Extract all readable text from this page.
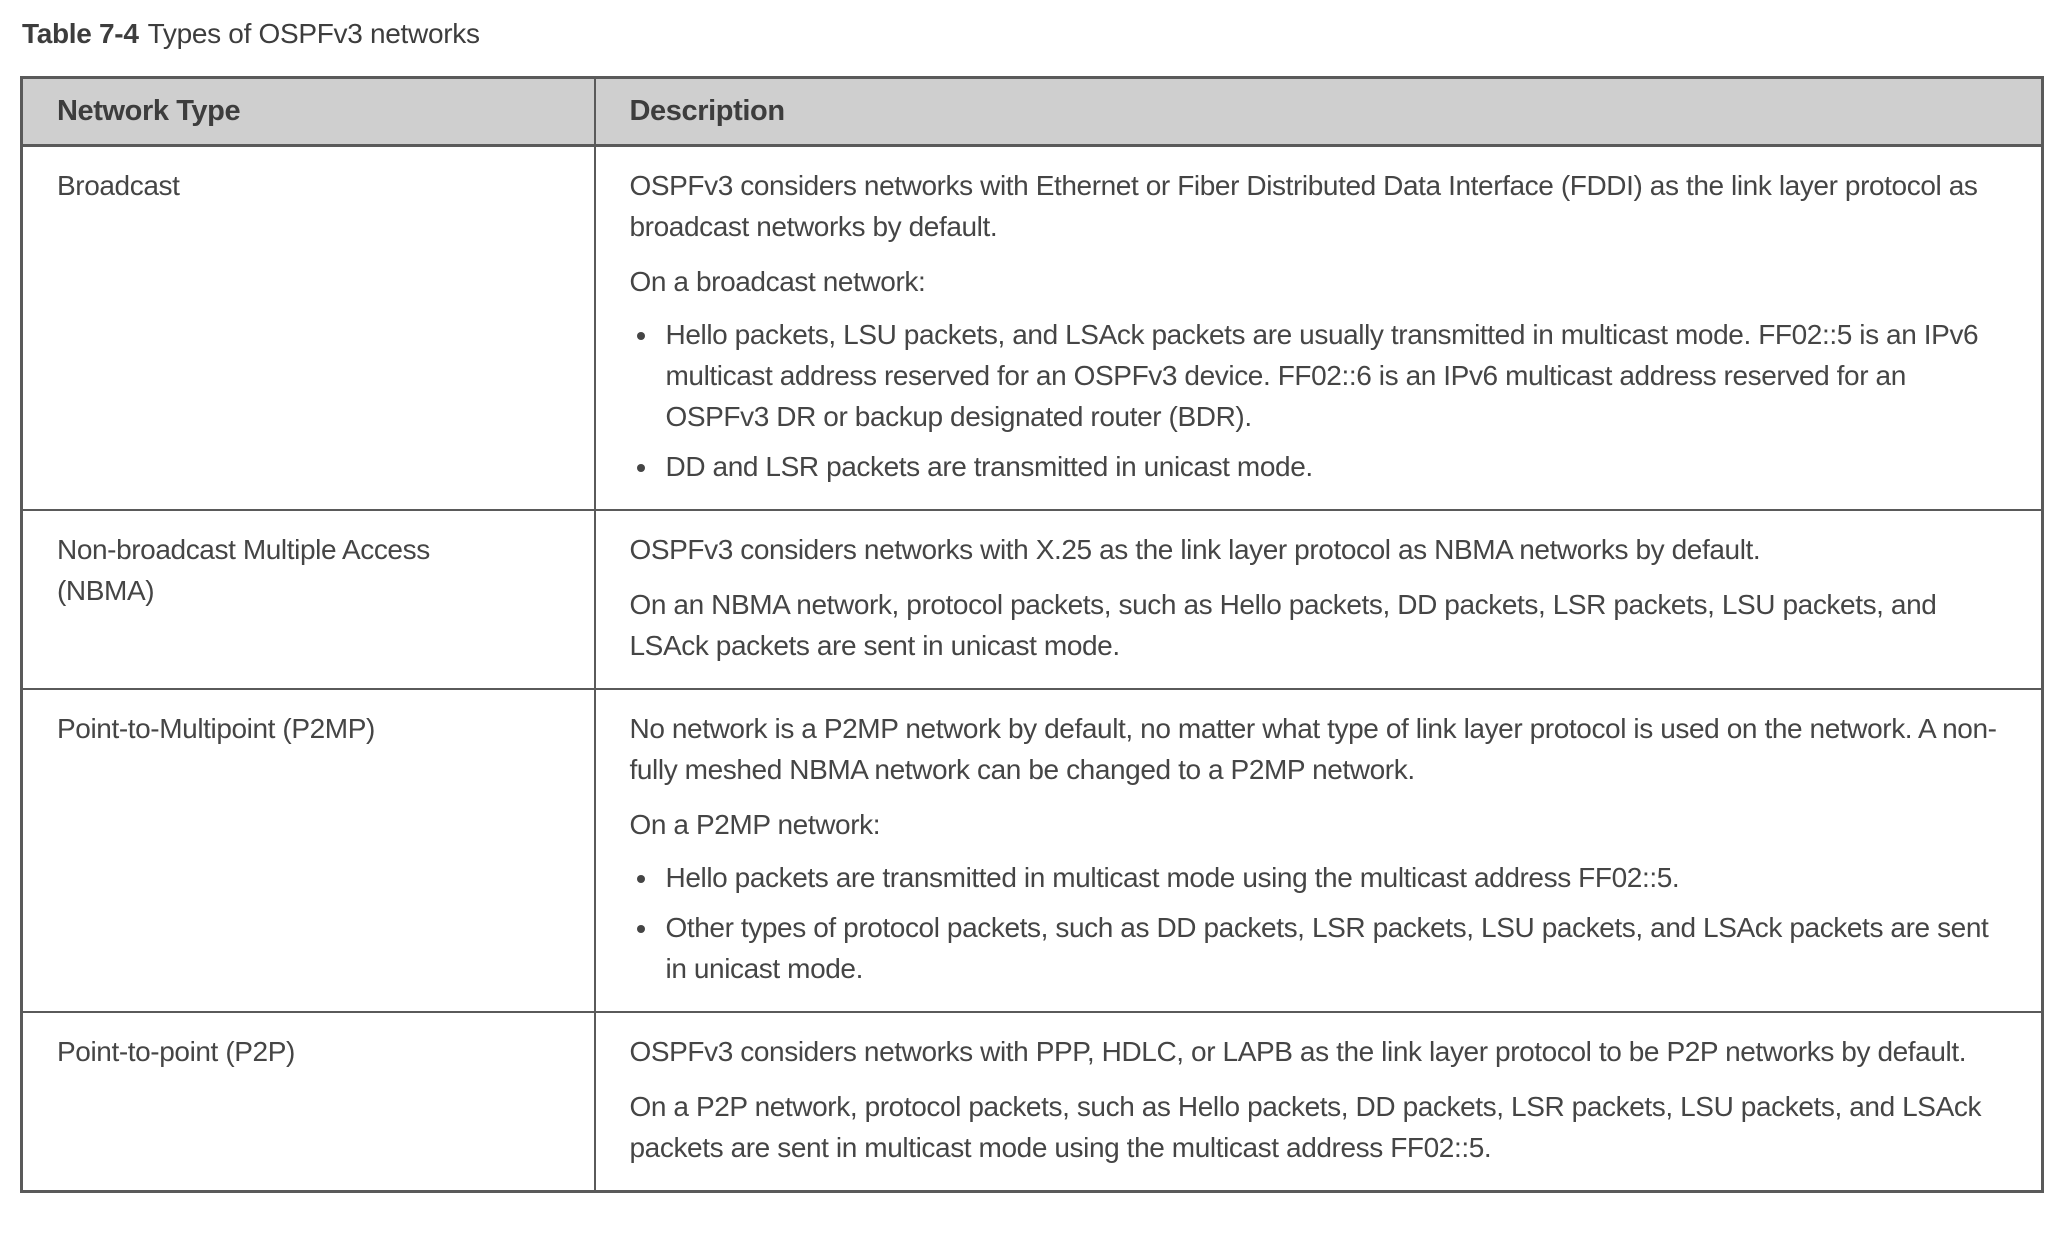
Table 7-4 Types of OSPFv3 networks
Network Type	Description
Broadcast	OSPFv3 considers networks with Ethernet or Fiber Distributed Data Interface (FDDI) as the link layer protocol as broadcast networks by default.

On a broadcast network:

• Hello packets, LSU packets, and LSAck packets are usually transmitted in multicast mode. FF02::5 is an IPv6 multicast address reserved for an OSPFv3 device. FF02::6 is an IPv6 multicast address reserved for an OSPFv3 DR or backup designated router (BDR).
• DD and LSR packets are transmitted in unicast mode.

Non-broadcast Multiple Access (NBMA)	OSPFv3 considers networks with X.25 as the link layer protocol as NBMA networks by default.

On an NBMA network, protocol packets, such as Hello packets, DD packets, LSR packets, LSU packets, and LSAck packets are sent in unicast mode.

Point-to-Multipoint (P2MP)	No network is a P2MP network by default, no matter what type of link layer protocol is used on the network. A non-fully meshed NBMA network can be changed to a P2MP network.

On a P2MP network:

• Hello packets are transmitted in multicast mode using the multicast address FF02::5.
• Other types of protocol packets, such as DD packets, LSR packets, LSU packets, and LSAck packets are sent in unicast mode.

Point-to-point (P2P)	OSPFv3 considers networks with PPP, HDLC, or LAPB as the link layer protocol to be P2P networks by default.

On a P2P network, protocol packets, such as Hello packets, DD packets, LSR packets, LSU packets, and LSAck packets are sent in multicast mode using the multicast address FF02::5.
